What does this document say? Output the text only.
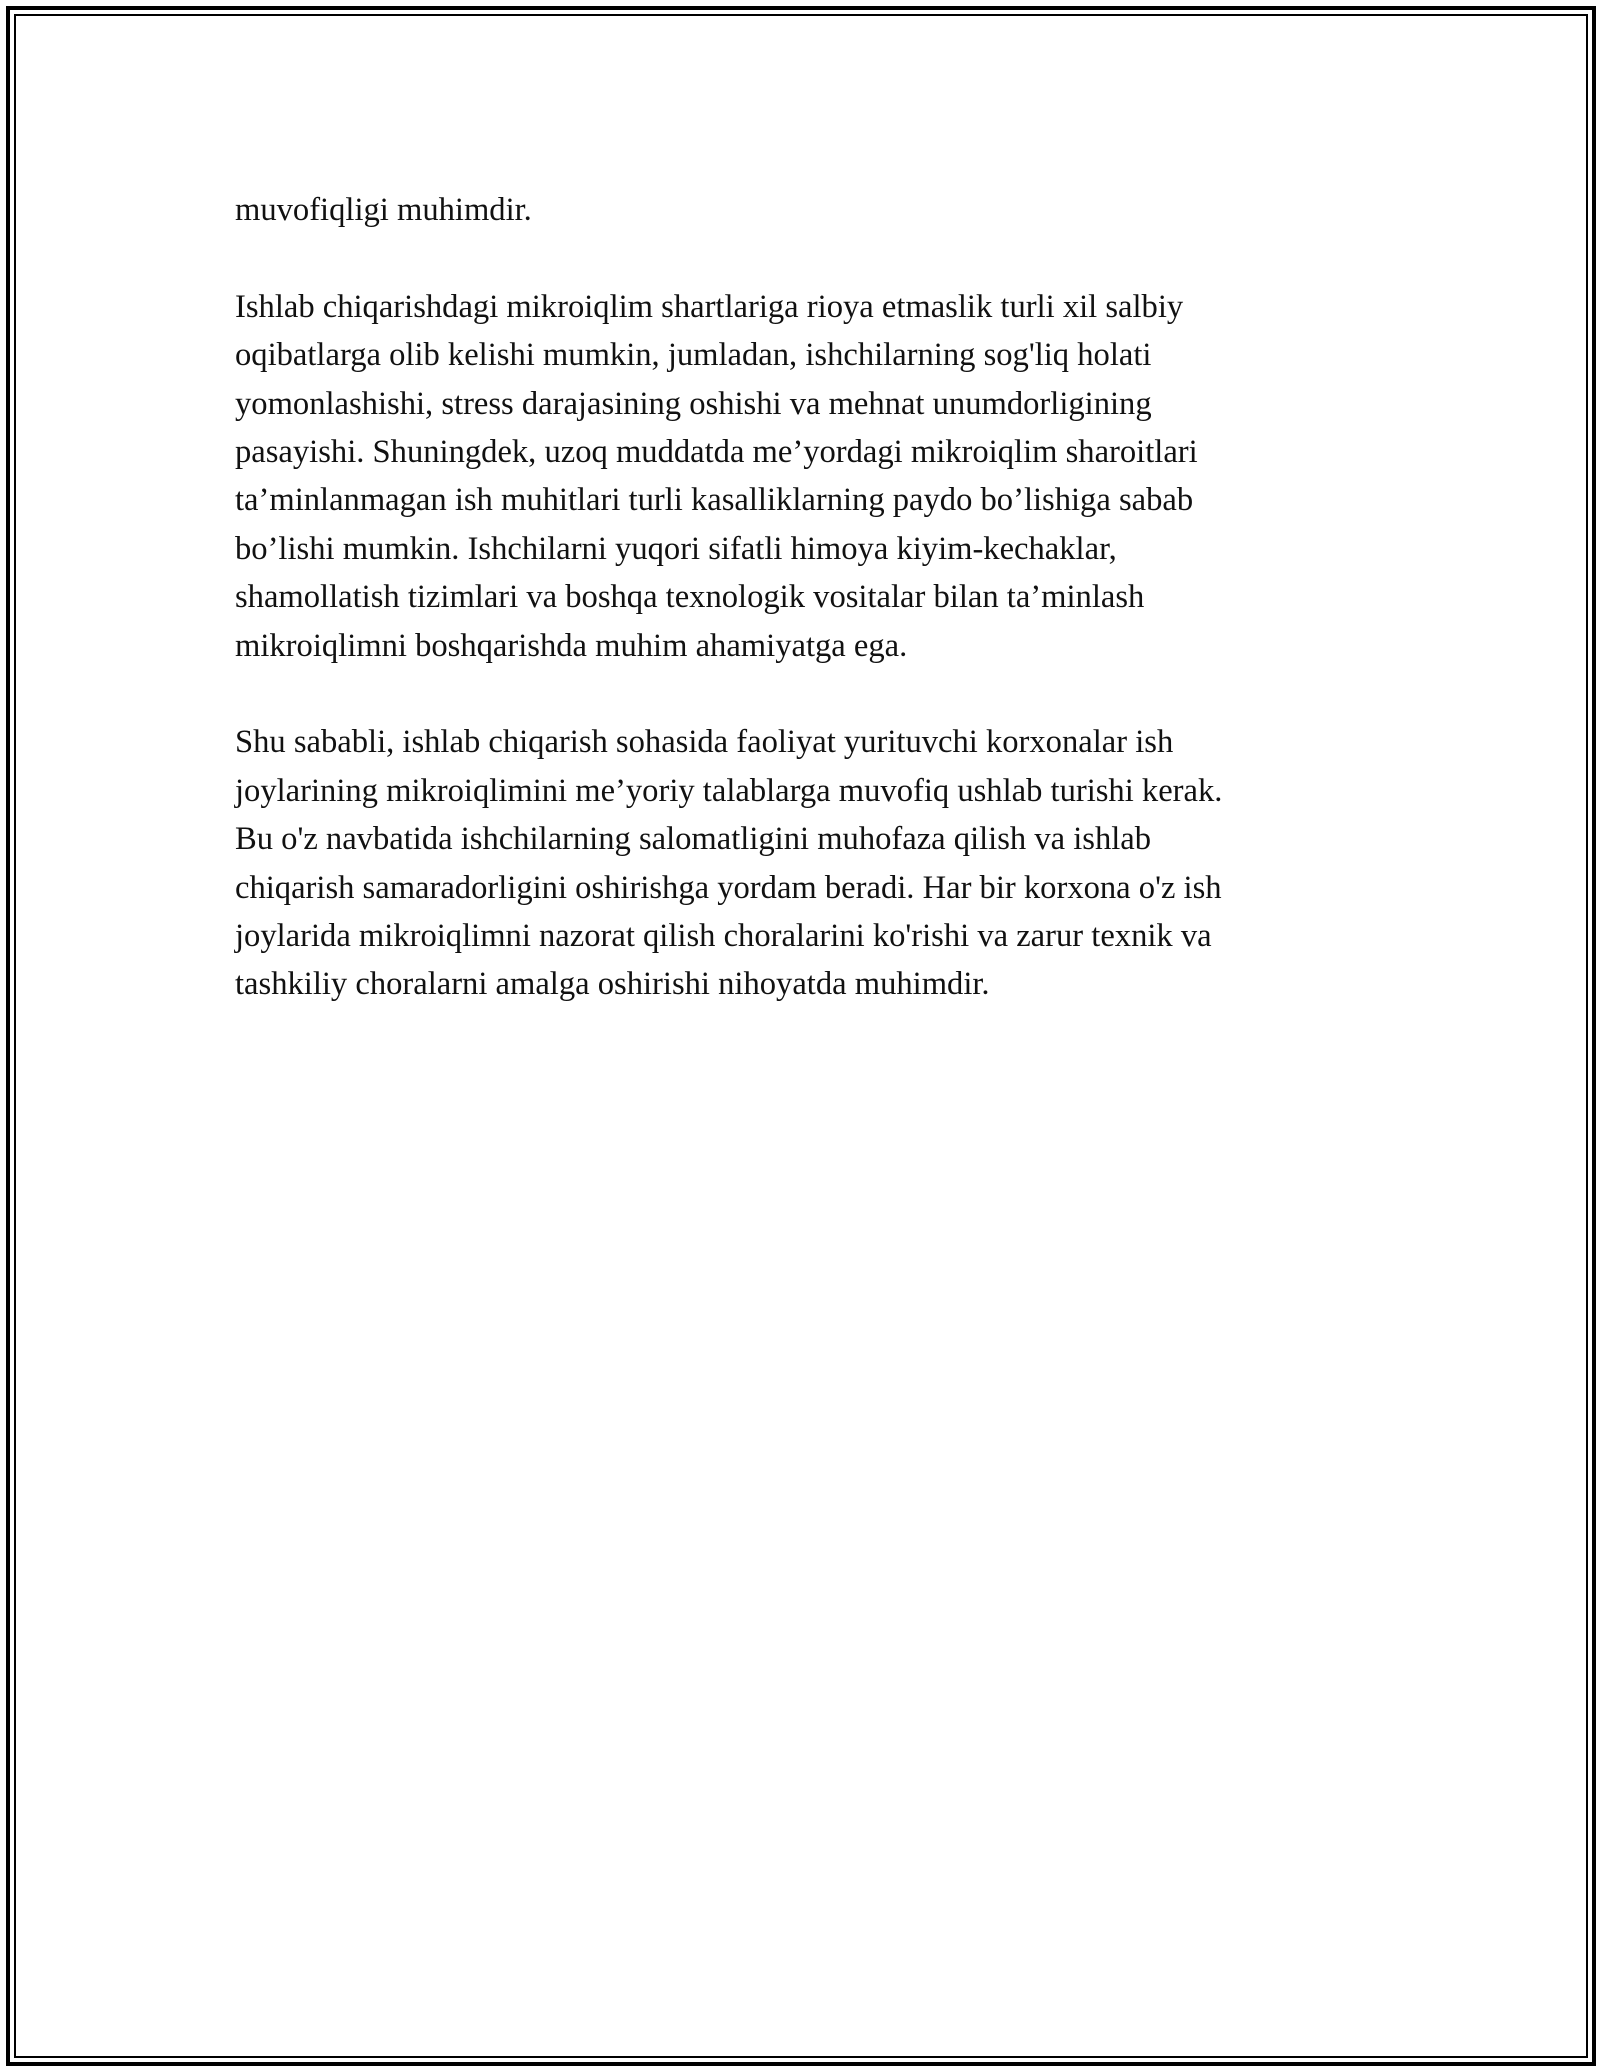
muvofiqligi muhimdir.

Ishlab chiqarishdagi mikroiqlim shartlariga rioya etmaslik turli xil salbiy
oqibatlarga olib kelishi mumkin, jumladan, ishchilarning sog'liq holati
yomonlashishi, stress darajasining oshishi va mehnat unumdorligining
pasayishi. Shuningdek, uzoq muddatda me’yordagi mikroiqlim sharoitlari
ta’minlanmagan ish muhitlari turli kasalliklarning paydo bo’lishiga sabab
bo’lishi mumkin. Ishchilarni yuqori sifatli himoya kiyim-kechaklar,
shamollatish tizimlari va boshqa texnologik vositalar bilan ta’minlash
mikroiqlimni boshqarishda muhim ahamiyatga ega.

Shu sababli, ishlab chiqarish sohasida faoliyat yurituvchi korxonalar ish
joylarining mikroiqlimini me’yoriy talablarga muvofiq ushlab turishi kerak.
Bu o'z navbatida ishchilarning salomatligini muhofaza qilish va ishlab
chiqarish samaradorligini oshirishga yordam beradi. Har bir korxona o'z ish
joylarida mikroiqlimni nazorat qilish choralarini ko'rishi va zarur texnik va
tashkiliy choralarni amalga oshirishi nihoyatda muhimdir.
